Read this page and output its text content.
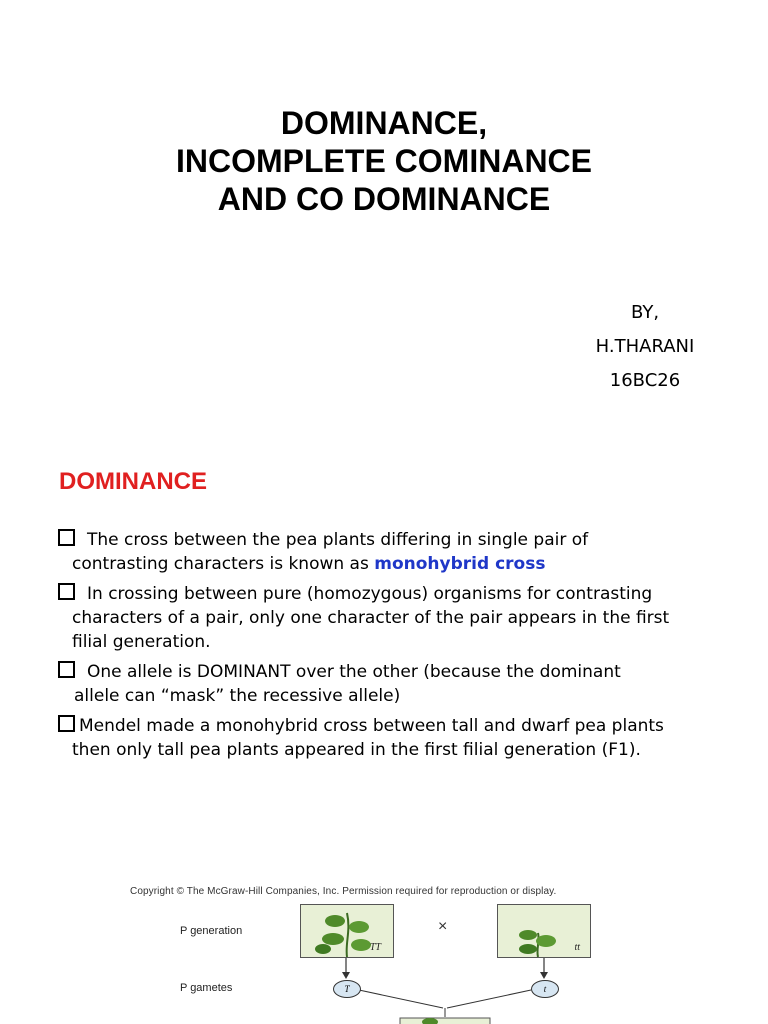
DOMINANCE,
INCOMPLETE COMINANCE
AND CO DOMINANCE
BY,
H.THARANI
16BC26
DOMINANCE
The cross between the pea plants differing in single pair of
contrasting characters is known as monohybrid cross
In crossing between pure (homozygous) organisms for contrasting
characters of a pair, only one character of the pair appears in the first
filial generation.
One allele is DOMINANT over the other (because the dominant
allele can “mask” the recessive allele)
Mendel made a monohybrid cross between tall and dwarf pea plants
then only tall pea plants appeared in the first filial generation (F1).
Copyright © The McGraw-Hill Companies, Inc. Permission required for reproduction or display.
P generation
P gametes
TT
×
tt
T	t
